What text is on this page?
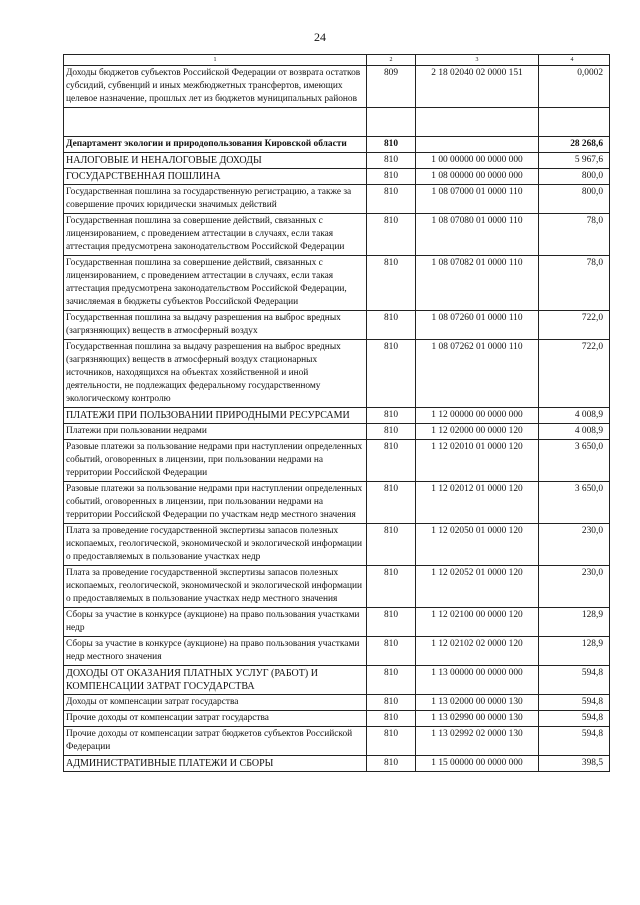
24
1	2	3	4
Доходы бюджетов субъектов Российской Федерации от возврата остатков субсидий, субвенций и иных межбюджетных трансфертов, имеющих целевое назначение, прошлых лет из бюджетов муниципальных районов	809	2 18 02040 02 0000 151	0,0002

Департамент экологии и природопользования Кировской области	810		28 268,6
НАЛОГОВЫЕ И НЕНАЛОГОВЫЕ ДОХОДЫ	810	1 00 00000 00 0000 000	5 967,6
ГОСУДАРСТВЕННАЯ ПОШЛИНА	810	1 08 00000 00 0000 000	800,0
Государственная пошлина за государственную регистрацию, а также за совершение прочих юридически значимых действий	810	1 08 07000 01 0000 110	800,0
Государственная пошлина за совершение действий, связанных с лицензированием, с проведением аттестации в случаях, если такая аттестация предусмотрена законодательством Российской Федерации	810	1 08 07080 01 0000 110	78,0
Государственная пошлина за совершение действий, связанных с лицензированием, с проведением аттестации в случаях, если такая аттестация предусмотрена законодательством Российской Федерации, зачисляемая в бюджеты субъектов Российской Федерации	810	1 08 07082 01 0000 110	78,0
Государственная пошлина за выдачу разрешения на выброс вредных (загрязняющих) веществ в атмосферный воздух	810	1 08 07260 01 0000 110	722,0
Государственная пошлина за выдачу разрешения на выброс вредных (загрязняющих) веществ в атмосферный воздух стационарных источников, находящихся на объектах хозяйственной и иной деятельности, не подлежащих федеральному государственному экологическому контролю	810	1 08 07262 01 0000 110	722,0
ПЛАТЕЖИ ПРИ ПОЛЬЗОВАНИИ ПРИРОДНЫМИ РЕСУРСАМИ	810	1 12 00000 00 0000 000	4 008,9
Платежи при пользовании недрами	810	1 12 02000 00 0000 120	4 008,9
Разовые платежи за пользование недрами при наступлении определенных событий, оговоренных в лицензии, при пользовании недрами на территории Российской Федерации	810	1 12 02010 01 0000 120	3 650,0
Разовые платежи за пользование недрами при наступлении определенных событий, оговоренных в лицензии, при пользовании недрами на территории Российской Федерации по участкам недр местного значения	810	1 12 02012 01 0000 120	3 650,0
Плата за проведение государственной экспертизы запасов полезных ископаемых, геологической, экономической и экологической информации о предоставляемых в пользование участках недр	810	1 12 02050 01 0000 120	230,0
Плата за проведение государственной экспертизы запасов полезных ископаемых, геологической, экономической и экологической информации о предоставляемых в пользование участках недр местного значения	810	1 12 02052 01 0000 120	230,0
Сборы за участие в конкурсе (аукционе) на право пользования участками недр	810	1 12 02100 00 0000 120	128,9
Сборы за участие в конкурсе (аукционе) на право пользования участками недр местного значения	810	1 12 02102 02 0000 120	128,9
ДОХОДЫ ОТ ОКАЗАНИЯ ПЛАТНЫХ УСЛУГ (РАБОТ) И КОМПЕНСАЦИИ ЗАТРАТ ГОСУДАРСТВА	810	1 13 00000 00 0000 000	594,8
Доходы от компенсации затрат государства	810	1 13 02000 00 0000 130	594,8
Прочие доходы от компенсации затрат государства	810	1 13 02990 00 0000 130	594,8
Прочие доходы от компенсации затрат бюджетов субъектов Российской Федерации	810	1 13 02992 02 0000 130	594,8
АДМИНИСТРАТИВНЫЕ ПЛАТЕЖИ И СБОРЫ	810	1 15 00000 00 0000 000	398,5
